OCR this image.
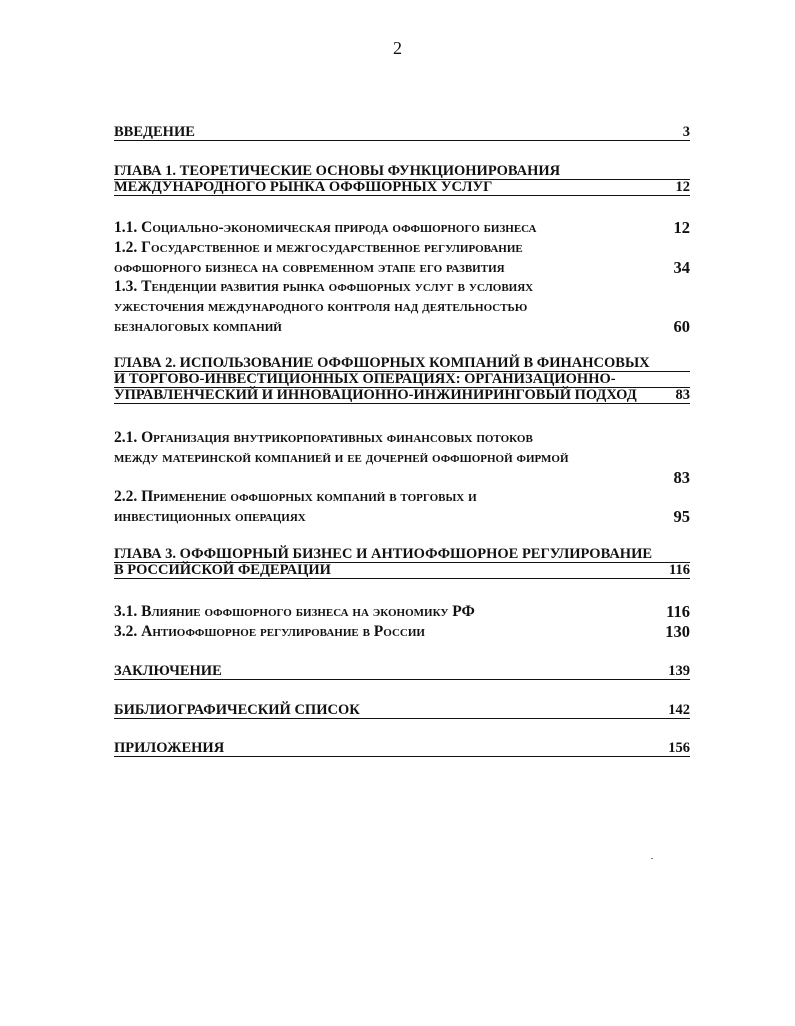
2
ВВЕДЕНИЕ	3
ГЛАВА 1. ТЕОРЕТИЧЕСКИЕ ОСНОВЫ ФУНКЦИОНИРОВАНИЯ
МЕЖДУНАРОДНОГО РЫНКА ОФФШОРНЫХ УСЛУГ	12
1.1. Социально-экономическая природа оффшорного бизнеса	12
1.2. Государственное и межгосударственное регулирование
оффшорного бизнеса на современном этапе его развития	34
1.3. Тенденции развития рынка оффшорных услуг в условиях
ужесточения международного контроля над деятельностью
безналоговых компаний	60
ГЛАВА 2. ИСПОЛЬЗОВАНИЕ ОФФШОРНЫХ КОМПАНИЙ В ФИНАНСОВЫХ
И ТОРГОВО-ИНВЕСТИЦИОННЫХ ОПЕРАЦИЯХ: ОРГАНИЗАЦИОННО-
УПРАВЛЕНЧЕСКИЙ И ИННОВАЦИОННО-ИНЖИНИРИНГОВЫЙ ПОДХОД	83
2.1. Организация внутрикорпоративных финансовых потоков
между материнской компанией и ее дочерней оффшорной фирмой
83
2.2. Применение оффшорных компаний в торговых и
инвестиционных операциях	95
ГЛАВА 3. ОФФШОРНЫЙ БИЗНЕС И АНТИОФФШОРНОЕ РЕГУЛИРОВАНИЕ
В РОССИЙСКОЙ ФЕДЕРАЦИИ	116
3.1. Влияние оффшорного бизнеса на экономику РФ	116
3.2. Антиоффшорное регулирование в России	130
ЗАКЛЮЧЕНИЕ	139
БИБЛИОГРАФИЧЕСКИЙ СПИСОК	142
ПРИЛОЖЕНИЯ	156
